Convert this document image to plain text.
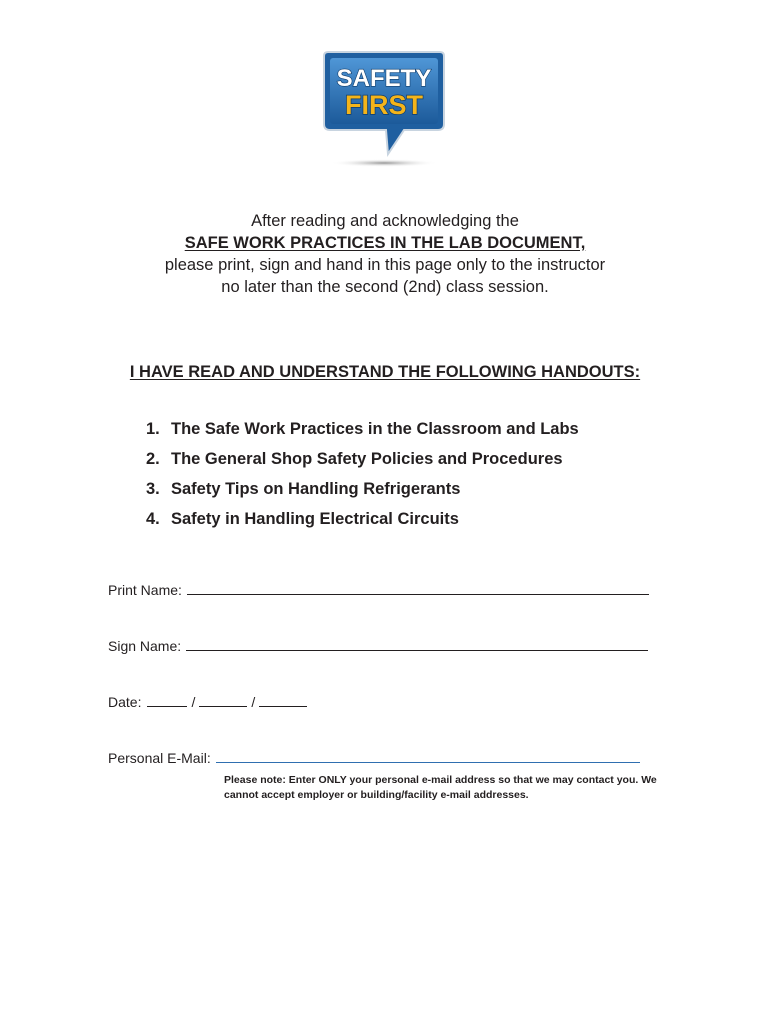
SAFETY
FIRST
After reading and acknowledging the
SAFE WORK PRACTICES IN THE LAB DOCUMENT,
please print, sign and hand in this page only to the instructor
no later than the second (2nd) class session.
I HAVE READ AND UNDERSTAND THE FOLLOWING HANDOUTS:
1. The Safe Work Practices in the Classroom and Labs
2. The General Shop Safety Policies and Procedures
3. Safety Tips on Handling Refrigerants
4. Safety in Handling Electrical Circuits
Print Name:
Sign Name:
Date:	/	/
Personal E-Mail:
Please note: Enter ONLY your personal e-mail address so that we may contact you. We cannot accept employer or building/facility e-mail addresses.
